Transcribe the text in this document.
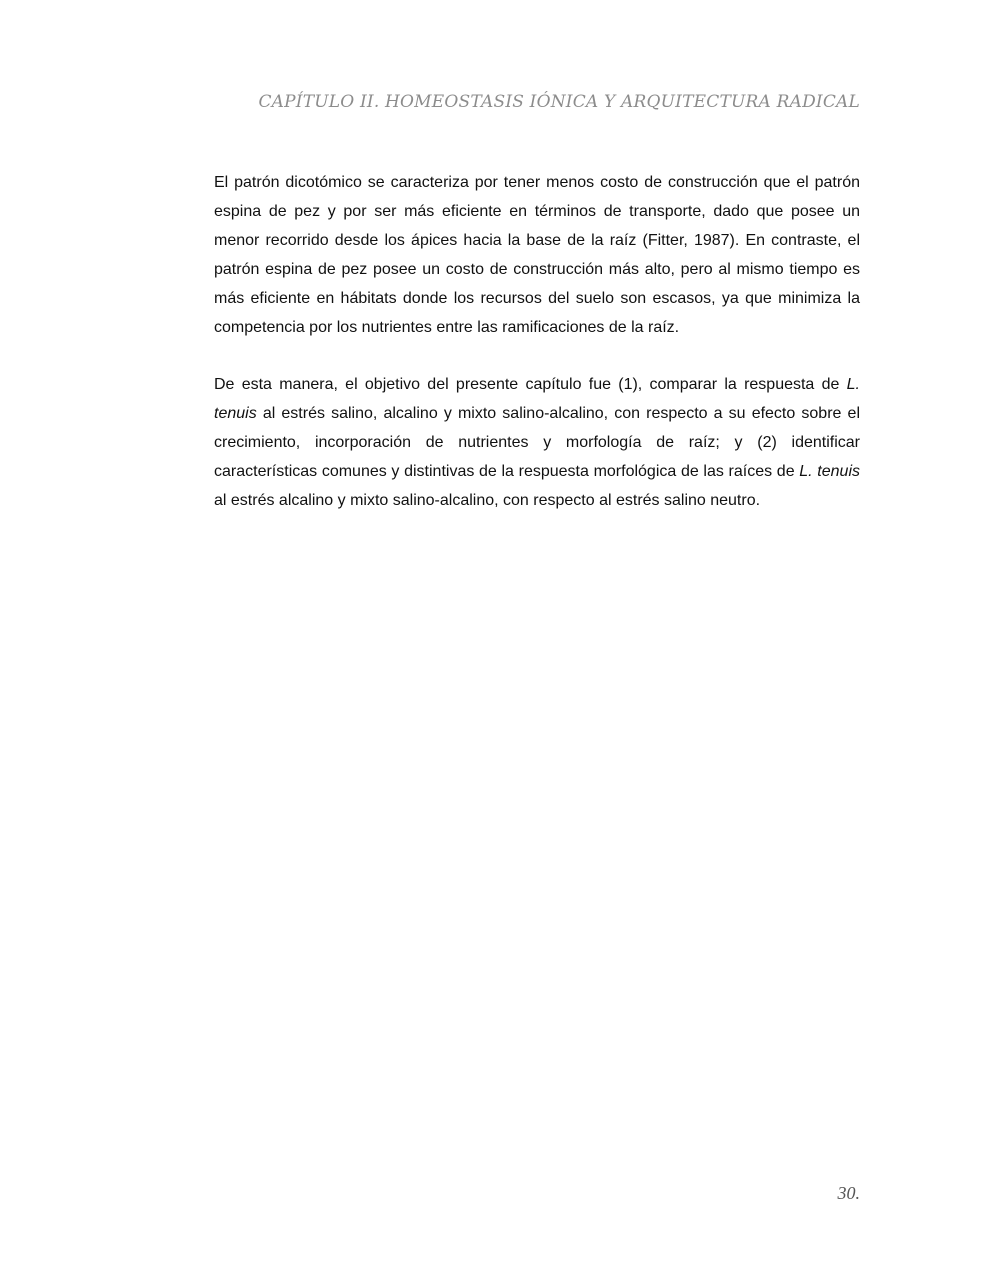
CAPÍTULO II. HOMEOSTASIS IÓNICA Y ARQUITECTURA RADICAL

El patrón dicotómico se caracteriza por tener menos costo de construcción que el patrón espina de pez y por ser más eficiente en términos de transporte, dado que posee un menor recorrido desde los ápices hacia la base de la raíz (Fitter, 1987). En contraste, el patrón espina de pez posee un costo de construcción más alto, pero al mismo tiempo es más eficiente en hábitats donde los recursos del suelo son escasos, ya que minimiza la competencia por los nutrientes entre las ramificaciones de la raíz.

De esta manera, el objetivo del presente capítulo fue (1), comparar la respuesta de L. tenuis al estrés salino, alcalino y mixto salino-alcalino, con respecto a su efecto sobre el crecimiento, incorporación de nutrientes y morfología de raíz; y (2) identificar características comunes y distintivas de la respuesta morfológica de las raíces de L. tenuis al estrés alcalino y mixto salino-alcalino, con respecto al estrés salino neutro.

30.
